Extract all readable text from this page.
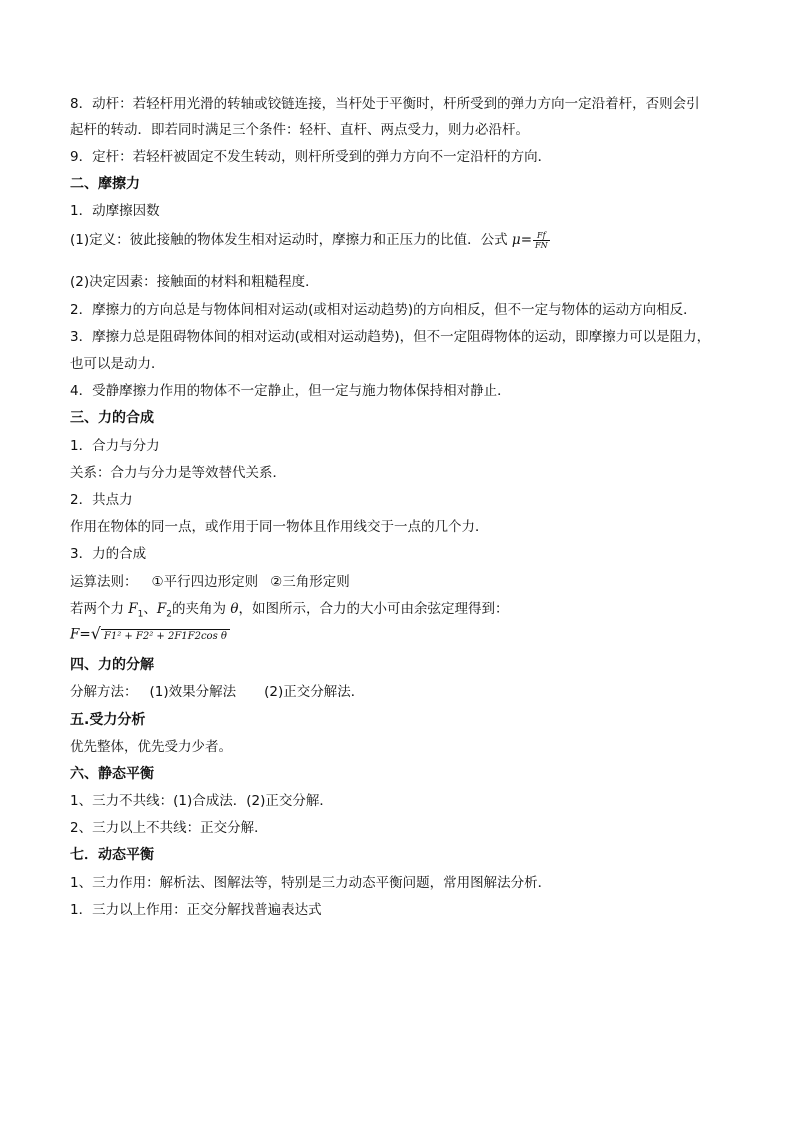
8．动杆：若轻杆用光滑的转轴或铰链连接，当杆处于平衡时，杆所受到的弹力方向一定沿着杆，否则会引
起杆的转动．即若同时满足三个条件：轻杆、直杆、两点受力，则力必沿杆。
9．定杆：若轻杆被固定不发生转动，则杆所受到的弹力方向不一定沿杆的方向．
二、摩擦力
1．动摩擦因数
(1)定义：彼此接触的物体发生相对运动时，摩擦力和正压力的比值．公式 $\mu= \frac{Ff}{FN}$
(2)决定因素：接触面的材料和粗糙程度．
2．摩擦力的方向总是与物体间相对运动(或相对运动趋势)的方向相反，但不一定与物体的运动方向相反．
3．摩擦力总是阻碍物体间的相对运动(或相对运动趋势)，但不一定阻碍物体的运动，即摩擦力可以是阻力，
也可以是动力．
4．受静摩擦力作用的物体不一定静止，但一定与施力物体保持相对静止．
三、力的合成
1．合力与分力
关系：合力与分力是等效替代关系．
2．共点力
作用在物体的同一点，或作用于同一物体且作用线交于一点的几个力．
3．力的合成
运算法则： ①平行四边形定则 ②三角形定则
若两个力 $F_1$、$F_2$的夹角为 θ，如图所示，合力的大小可由余弦定理得到：
F=√ F1² + F2² + 2F1F2cos θ
四、力的分解
分解方法： (1)效果分解法 (2)正交分解法．
五.受力分析
优先整体，优先受力少者。
六、静态平衡
1、三力不共线：(1)合成法．(2)正交分解．
2、三力以上不共线：正交分解．
七．动态平衡
1、三力作用：解析法、图解法等，特别是三力动态平衡问题，常用图解法分析．
1．三力以上作用：正交分解找普遍表达式
